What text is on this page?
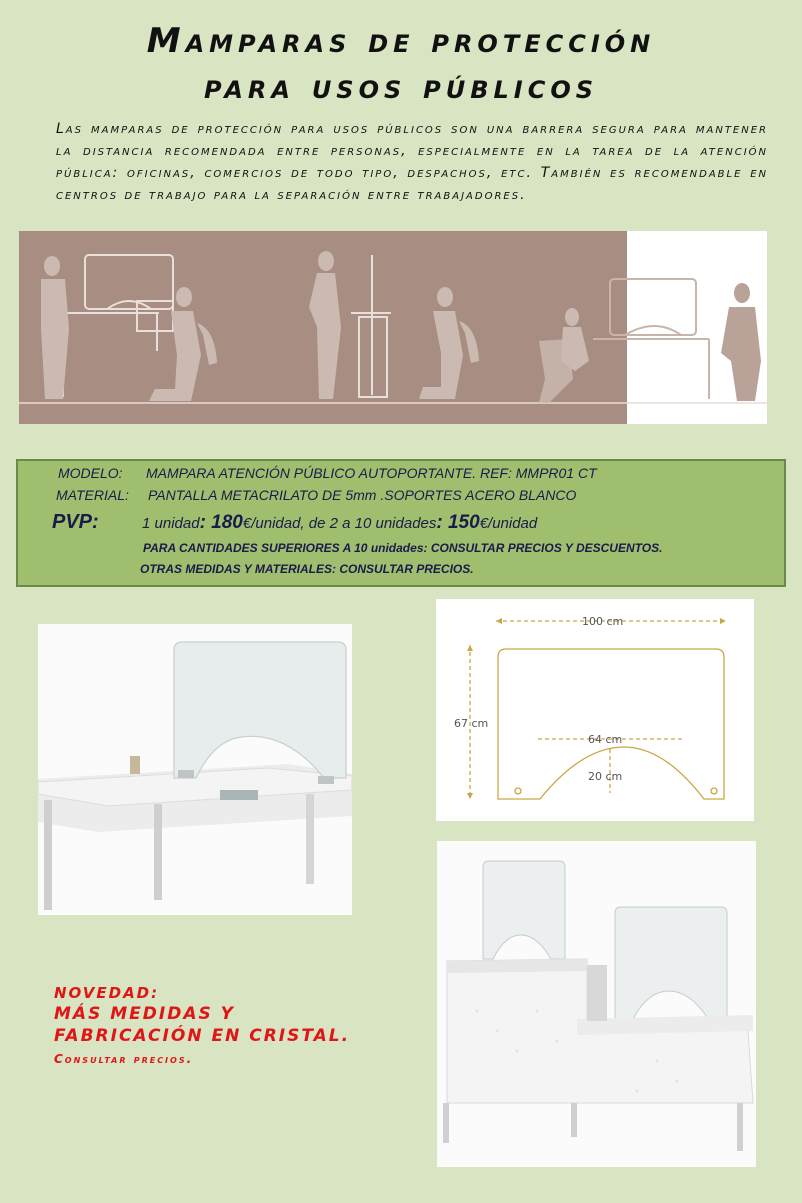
Mamparas de protección
para usos públicos
Las mamparas de protección para usos públicos son una barrera segura para mantener la distancia recomendada entre personas, especialmente en la tarea de la atención pública: oficinas, comercios de todo tipo, despachos, etc. También es recomendable en centros de trabajo para la separación entre trabajadores.
MODELO: MAMPARA ATENCIÓN PÚBLICO AUTOPORTANTE. REF: MMPR01 CT
MATERIAL: PANTALLA METACRILATO DE 5mm .SOPORTES ACERO BLANCO
PVP:	1 unidad: 180€/unidad, de 2 a 10 unidades: 150€/unidad
PARA CANTIDADES SUPERIORES A 10 unidades: CONSULTAR PRECIOS Y DESCUENTOS.
OTRAS MEDIDAS Y MATERIALES: CONSULTAR PRECIOS.
100 cm
67 cm
64 cm
20 cm
NOVEDAD:
MÁS MEDIDAS Y
FABRICACIÓN EN CRISTAL.
Consultar precios.
